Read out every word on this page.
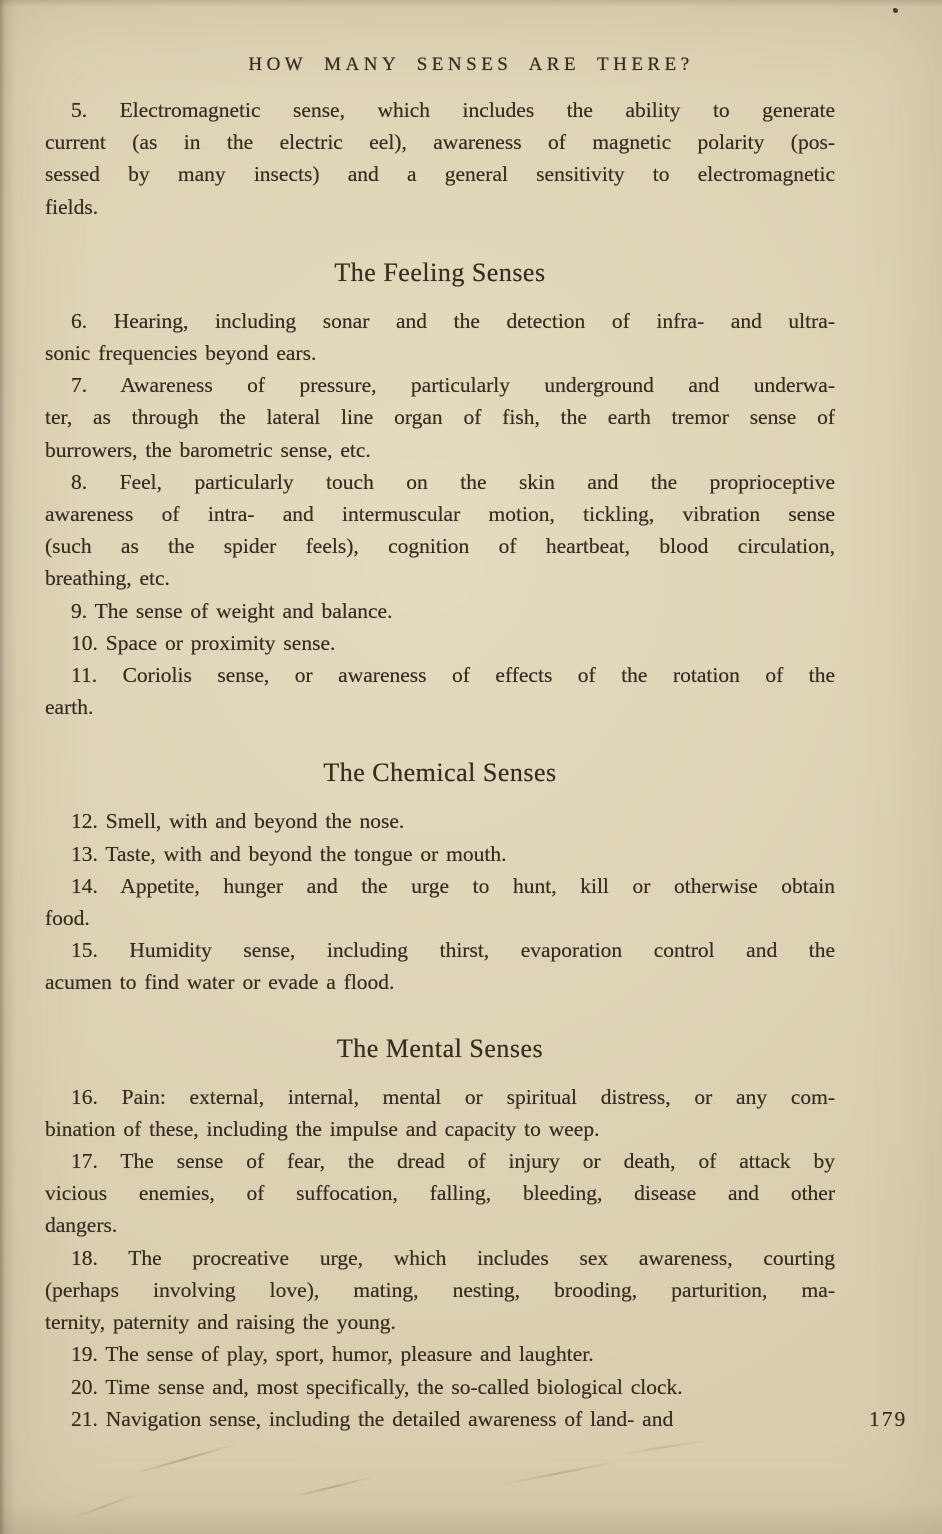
HOW MANY SENSES ARE THERE?
5. Electromagnetic sense, which includes the ability to generate
current (as in the electric eel), awareness of magnetic polarity (pos-
sessed by many insects) and a general sensitivity to electromagnetic
fields.
The Feeling Senses
6. Hearing, including sonar and the detection of infra- and ultra-
sonic frequencies beyond ears.
7. Awareness of pressure, particularly underground and underwa-
ter, as through the lateral line organ of fish, the earth tremor sense of
burrowers, the barometric sense, etc.
8. Feel, particularly touch on the skin and the proprioceptive
awareness of intra- and intermuscular motion, tickling, vibration sense
(such as the spider feels), cognition of heartbeat, blood circulation,
breathing, etc.
9. The sense of weight and balance.
10. Space or proximity sense.
11. Coriolis sense, or awareness of effects of the rotation of the
earth.
The Chemical Senses
12. Smell, with and beyond the nose.
13. Taste, with and beyond the tongue or mouth.
14. Appetite, hunger and the urge to hunt, kill or otherwise obtain
food.
15. Humidity sense, including thirst, evaporation control and the
acumen to find water or evade a flood.
The Mental Senses
16. Pain: external, internal, mental or spiritual distress, or any com-
bination of these, including the impulse and capacity to weep.
17. The sense of fear, the dread of injury or death, of attack by
vicious enemies, of suffocation, falling, bleeding, disease and other
dangers.
18. The procreative urge, which includes sex awareness, courting
(perhaps involving love), mating, nesting, brooding, parturition, ma-
ternity, paternity and raising the young.
19. The sense of play, sport, humor, pleasure and laughter.
20. Time sense and, most specifically, the so-called biological clock.
21. Navigation sense, including the detailed awareness of land- and	179
